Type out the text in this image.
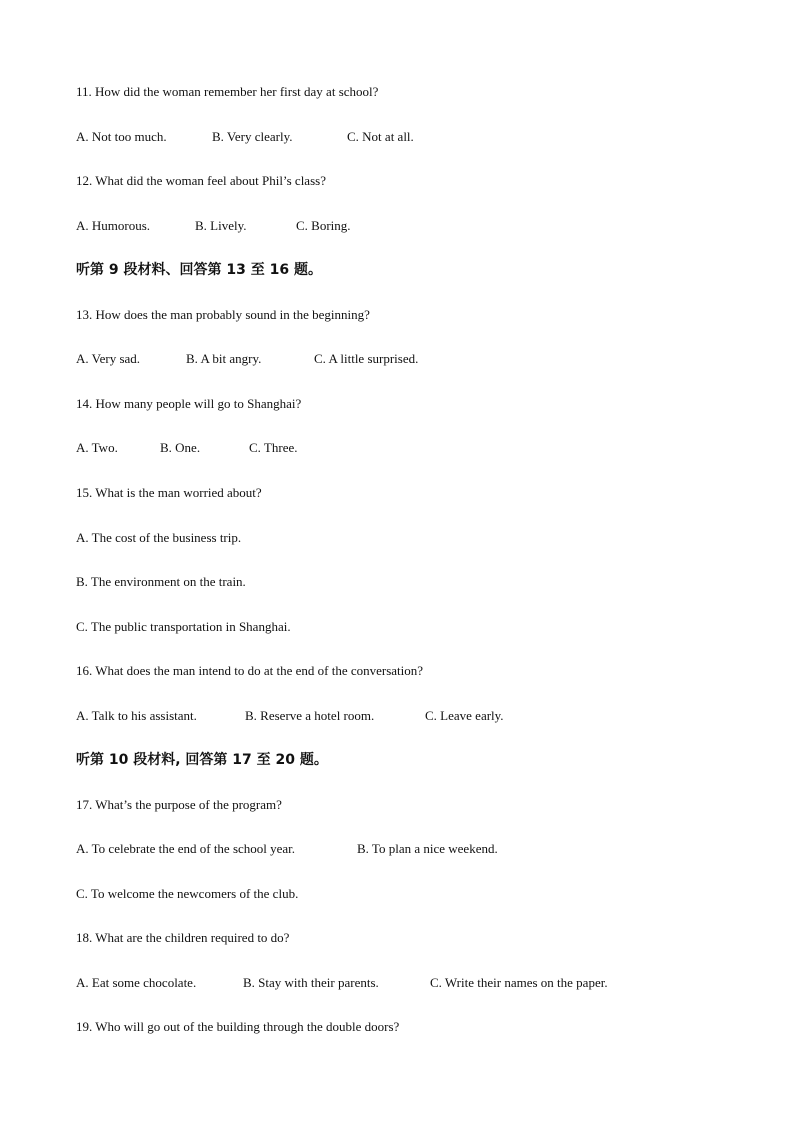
11. How did the woman remember her first day at school?
A. Not too much.	B. Very clearly.	C. Not at all.
12. What did the woman feel about Phil’s class?
A. Humorous.	B. Lively.	C. Boring.
听第 9 段材料、回答第 13 至 16 题。
13. How does the man probably sound in the beginning?
A. Very sad.	B. A bit angry.	C. A little surprised.
14. How many people will go to Shanghai?
A. Two.	B. One.	C. Three.
15. What is the man worried about?
A. The cost of the business trip.
B. The environment on the train.
C. The public transportation in Shanghai.
16. What does the man intend to do at the end of the conversation?
A. Talk to his assistant.	B. Reserve a hotel room.	C. Leave early.
听第 10 段材料, 回答第 17 至 20 题。
17. What’s the purpose of the program?
A. To celebrate the end of the school year.	B. To plan a nice weekend.
C. To welcome the newcomers of the club.
18. What are the children required to do?
A. Eat some chocolate.	B. Stay with their parents.	C. Write their names on the paper.
19. Who will go out of the building through the double doors?
